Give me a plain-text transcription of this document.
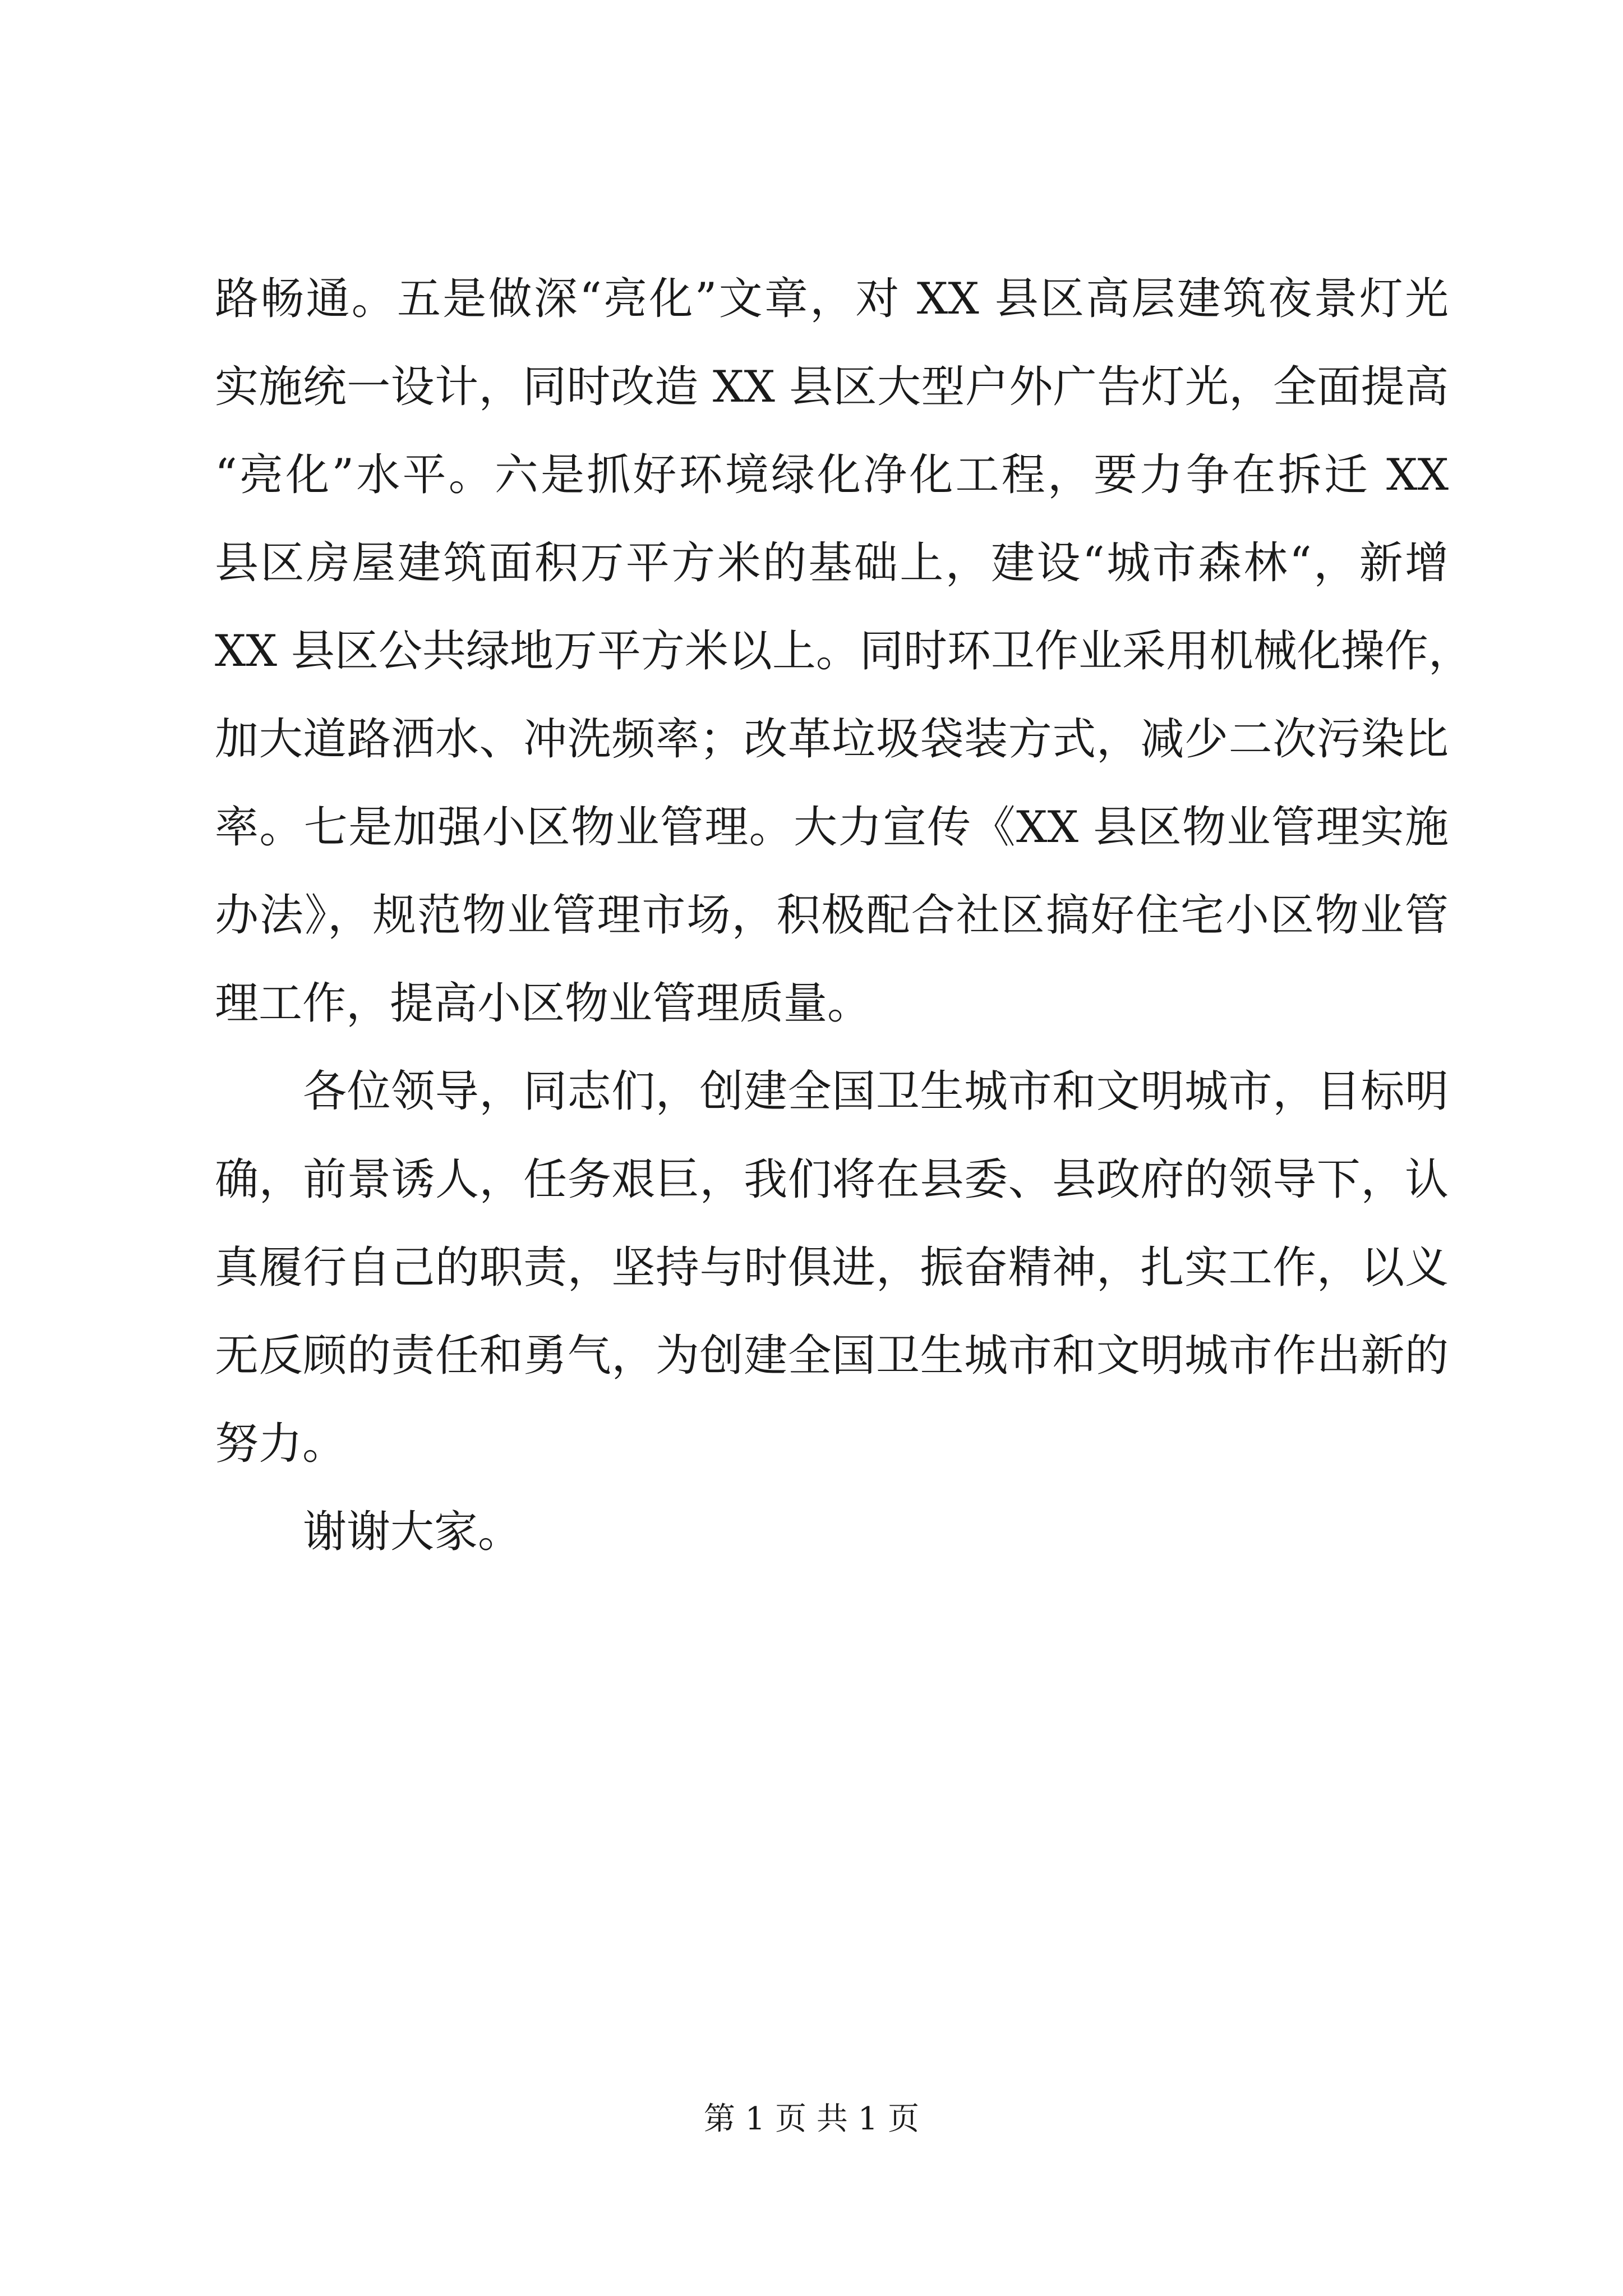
路畅通。五是做深“亮化”文章，对 XX 县区高层建筑夜景灯光
实施统一设计，同时改造 XX 县区大型户外广告灯光，全面提高
“亮化”水平。六是抓好环境绿化净化工程，要力争在拆迁 XX
县区房屋建筑面积万平方米的基础上，建设“城市森林“，新增
XX 县区公共绿地万平方米以上。同时环卫作业采用机械化操作，
加大道路洒水、冲洗频率；改革垃圾袋装方式，减少二次污染比
率。七是加强小区物业管理。大力宣传《XX 县区物业管理实施
办法》，规范物业管理市场，积极配合社区搞好住宅小区物业管
理工作，提高小区物业管理质量。
各位领导，同志们，创建全国卫生城市和文明城市，目标明
确，前景诱人，任务艰巨，我们将在县委、县政府的领导下，认
真履行自己的职责，坚持与时俱进，振奋精神，扎实工作，以义
无反顾的责任和勇气，为创建全国卫生城市和文明城市作出新的
努力。
谢谢大家。
第 1 页 共 1 页
